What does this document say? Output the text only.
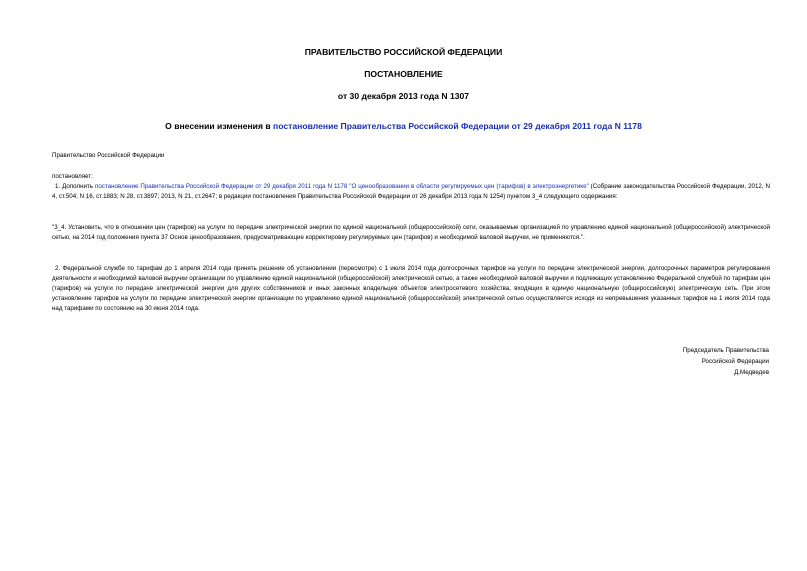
ПРАВИТЕЛЬСТВО РОССИЙСКОЙ ФЕДЕРАЦИИ
ПОСТАНОВЛЕНИЕ
от 30 декабря 2013 года N 1307
О внесении изменения в постановление Правительства Российской Федерации от 29 декабря 2011 года N 1178
Правительство Российской Федерации
постановляет:
1. Дополнить постановление Правительства Российской Федерации от 29 декабря 2011 года N 1178 "О ценообразовании в области регулируемых цен (тарифов) в электроэнергетике" (Собрание законодательства Российской Федерации, 2012, N 4, ст.504; N 16, ст.1883; N 28, ст.3897; 2013, N 21, ст.2647; в редакции постановления Правительства Российской Федерации от 26 декабря 2013 года N 1254) пунктом 3_4 следующего содержания:
"3_4. Установить, что в отношении цен (тарифов) на услуги по передаче электрической энергии по единой национальной (общероссийской) сети, оказываемые организацией по управлению единой национальной (общероссийской) электрической сетью, на 2014 год положения пункта 37 Основ ценообразования, предусматривающие корректировку регулируемых цен (тарифов) и необходимой валовой выручки, не применяются.".
2. Федеральной службе по тарифам до 1 апреля 2014 года принять решение об установлении (пересмотре) с 1 июля 2014 года долгосрочных тарифов на услуги по передаче электрической энергии, долгосрочных параметров регулирования деятельности и необходимой валовой выручки организации по управлению единой национальной (общероссийской) электрической сетью, а также необходимой валовой выручки и подлежащих установлению Федеральной службой по тарифам цен (тарифов) на услуги по передаче электрической энергии для других собственников и иных законных владельцев объектов электросетевого хозяйства, входящих в единую национальную (общероссийскую) электрическую сеть. При этом установление тарифов на услуги по передаче электрической энергии организации по управлению единой национальной (общероссийской) электрической сетью осуществляется исходя из непревышения указанных тарифов на 1 июля 2014 года над тарифами по состоянию на 30 июня 2014 года.
Председатель Правительства
Российской Федерации
Д.Медведев
